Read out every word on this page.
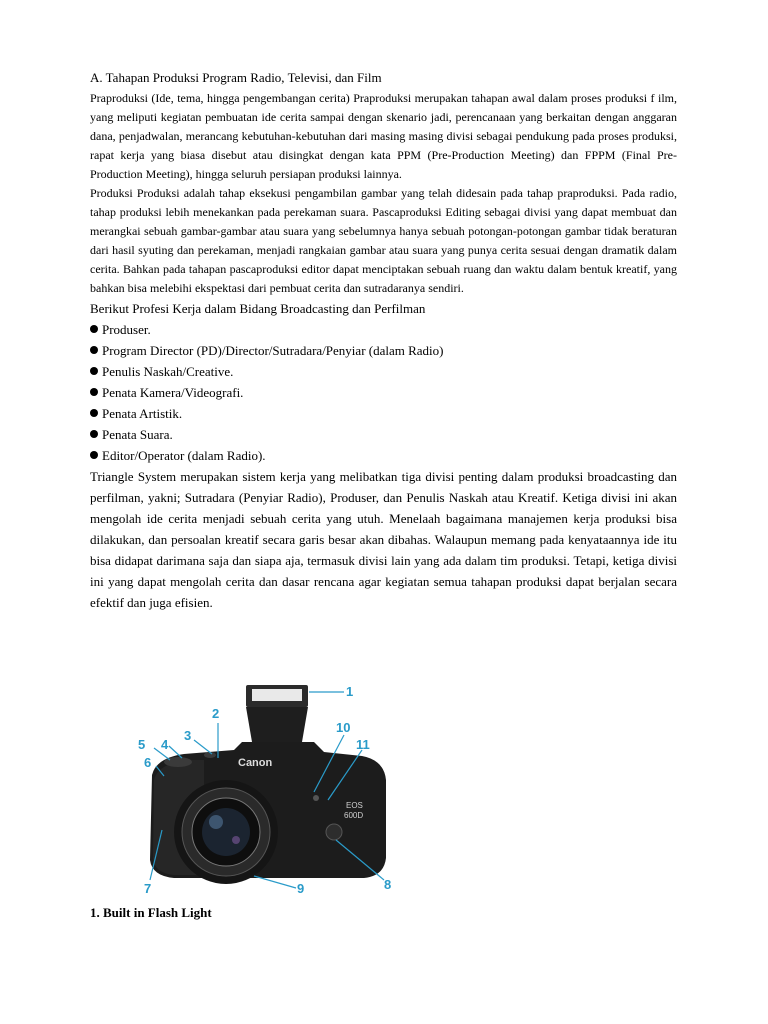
A. Tahapan Produksi Program Radio, Televisi, dan Film

Praproduksi (Ide, tema, hingga pengembangan cerita) Praproduksi merupakan tahapan awal dalam proses produksi f ilm, yang meliputi kegiatan pembuatan ide cerita sampai dengan skenario jadi, perencanaan yang berkaitan dengan anggaran dana, penjadwalan, merancang kebutuhan-kebutuhan dari masing masing divisi sebagai pendukung pada proses produksi, rapat kerja yang biasa disebut atau disingkat dengan kata PPM (Pre-Production Meeting) dan FPPM (Final Pre-Production Meeting), hingga seluruh persiapan produksi lainnya.

Produksi Produksi adalah tahap eksekusi pengambilan gambar yang telah didesain pada tahap praproduksi. Pada radio, tahap produksi lebih menekankan pada perekaman suara. Pascaproduksi Editing sebagai divisi yang dapat membuat dan merangkai sebuah gambar-gambar atau suara yang sebelumnya hanya sebuah potongan-potongan gambar tidak beraturan dari hasil syuting dan perekaman, menjadi rangkaian gambar atau suara yang punya cerita sesuai dengan dramatik dalam cerita. Bahkan pada tahapan pascaproduksi editor dapat menciptakan sebuah ruang dan waktu dalam bentuk kreatif, yang bahkan bisa melebihi ekspektasi dari pembuat cerita dan sutradaranya sendiri.

Berikut Profesi Kerja dalam Bidang Broadcasting dan Perfilman

Produser.
Program Director (PD)/Director/Sutradara/Penyiar (dalam Radio)
Penulis Naskah/Creative.
Penata Kamera/Videografi.
Penata Artistik.
Penata Suara.
Editor/Operator (dalam Radio).

Triangle System merupakan sistem kerja yang melibatkan tiga divisi penting dalam produksi broadcasting dan perfilman, yakni; Sutradara (Penyiar Radio), Produser, dan Penulis Naskah atau Kreatif. Ketiga divisi ini akan mengolah ide cerita menjadi sebuah cerita yang utuh. Menelaah bagaimana manajemen kerja produksi bisa dilakukan, dan persoalan kreatif secara garis besar akan dibahas. Walaupun memang pada kenyataannya ide itu bisa didapat darimana saja dan siapa aja, termasuk divisi lain yang ada dalam tim produksi. Tetapi, ketiga divisi ini yang dapat mengolah cerita dan dasar rencana agar kegiatan semua tahapan produksi dapat berjalan secara efektif dan juga efisien.

Canon
EOS
600D
1
2
3
4
5
6
7	8
9
10
11
1. Built in Flash Light
